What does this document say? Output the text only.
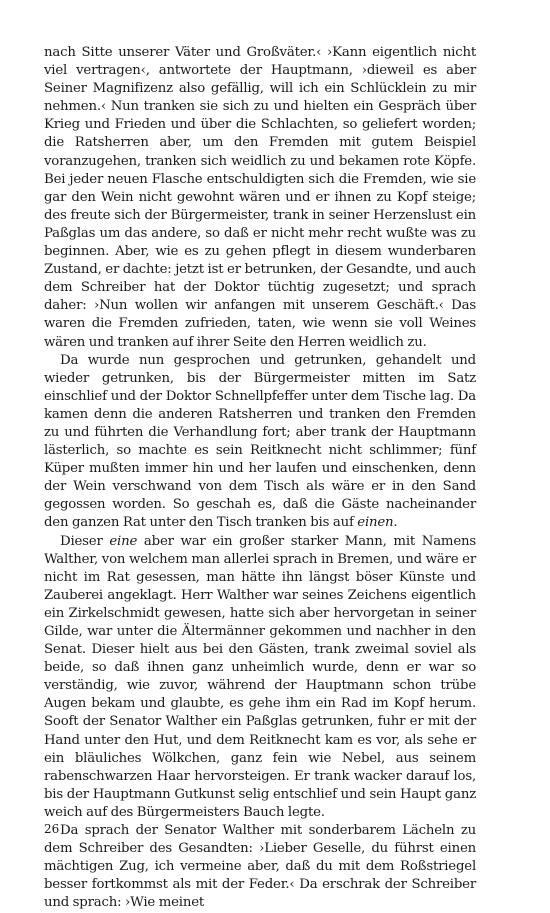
nach Sitte unserer Väter und Großväter.‹ ›Kann eigentlich nicht viel vertragen‹, antwortete der Hauptmann, ›dieweil es aber Seiner Magnifizenz also gefällig, will ich ein Schlücklein zu mir nehmen.‹ Nun tranken sie sich zu und hielten ein Gespräch über Krieg und Frieden und über die Schlachten, so geliefert worden; die Ratsherren aber, um den Fremden mit gutem Beispiel voranzugehen, tranken sich weidlich zu und bekamen rote Köpfe. Bei jeder neuen Flasche entschuldigten sich die Fremden, wie sie gar den Wein nicht gewohnt wären und er ihnen zu Kopf steige; des freute sich der Bürgermeister, trank in seiner Herzenslust ein Paßglas um das andere, so daß er nicht mehr recht wußte was zu beginnen. Aber, wie es zu gehen pflegt in diesem wunderbaren Zustand, er dachte: jetzt ist er betrunken, der Gesandte, und auch dem Schreiber hat der Doktor tüchtig zugesetzt; und sprach daher: ›Nun wollen wir anfangen mit unserem Geschäft.‹ Das waren die Fremden zufrieden, taten, wie wenn sie voll Weines wären und tranken auf ihrer Seite den Herren weidlich zu.

Da wurde nun gesprochen und getrunken, gehandelt und wieder getrunken, bis der Bürgermeister mitten im Satz einschlief und der Doktor Schnellpfeffer unter dem Tische lag. Da kamen denn die anderen Ratsherren und tranken den Fremden zu und führten die Verhandlung fort; aber trank der Hauptmann lästerlich, so machte es sein Reitknecht nicht schlimmer; fünf Küper mußten immer hin und her laufen und einschenken, denn der Wein verschwand von dem Tisch als wäre er in den Sand gegossen worden. So geschah es, daß die Gäste nacheinander den ganzen Rat unter den Tisch tranken bis auf einen.

Dieser eine aber war ein großer starker Mann, mit Namens Walther, von welchem man allerlei sprach in Bremen, und wäre er nicht im Rat gesessen, man hätte ihn längst böser Künste und Zauberei angeklagt. Herr Walther war seines Zeichens eigentlich ein Zirkelschmidt gewesen, hatte sich aber hervorgetan in seiner Gilde, war unter die Ältermänner gekommen und nachher in den Senat. Dieser hielt aus bei den Gästen, trank zweimal soviel als beide, so daß ihnen ganz unheimlich wurde, denn er war so verständig, wie zuvor, während der Hauptmann schon trübe Augen bekam und glaubte, es gehe ihm ein Rad im Kopf herum. Sooft der Senator Walther ein Paßglas getrunken, fuhr er mit der Hand unter den Hut, und dem Reitknecht kam es vor, als sehe er ein bläuliches Wölkchen, ganz fein wie Nebel, aus seinem rabenschwarzen Haar hervorsteigen. Er trank wacker darauf los, bis der Hauptmann Gutkunst selig entschlief und sein Haupt ganz weich auf des Bürgermeisters Bauch legte.

Da sprach der Senator Walther mit sonderbarem Lächeln zu dem Schreiber des Gesandten: ›Lieber Geselle, du führst einen mächtigen Zug, ich vermeine aber, daß du mit dem Roßstriegel besser fortkommst als mit der Feder.‹ Da erschrak der Schreiber und sprach: ›Wie meinet

26
